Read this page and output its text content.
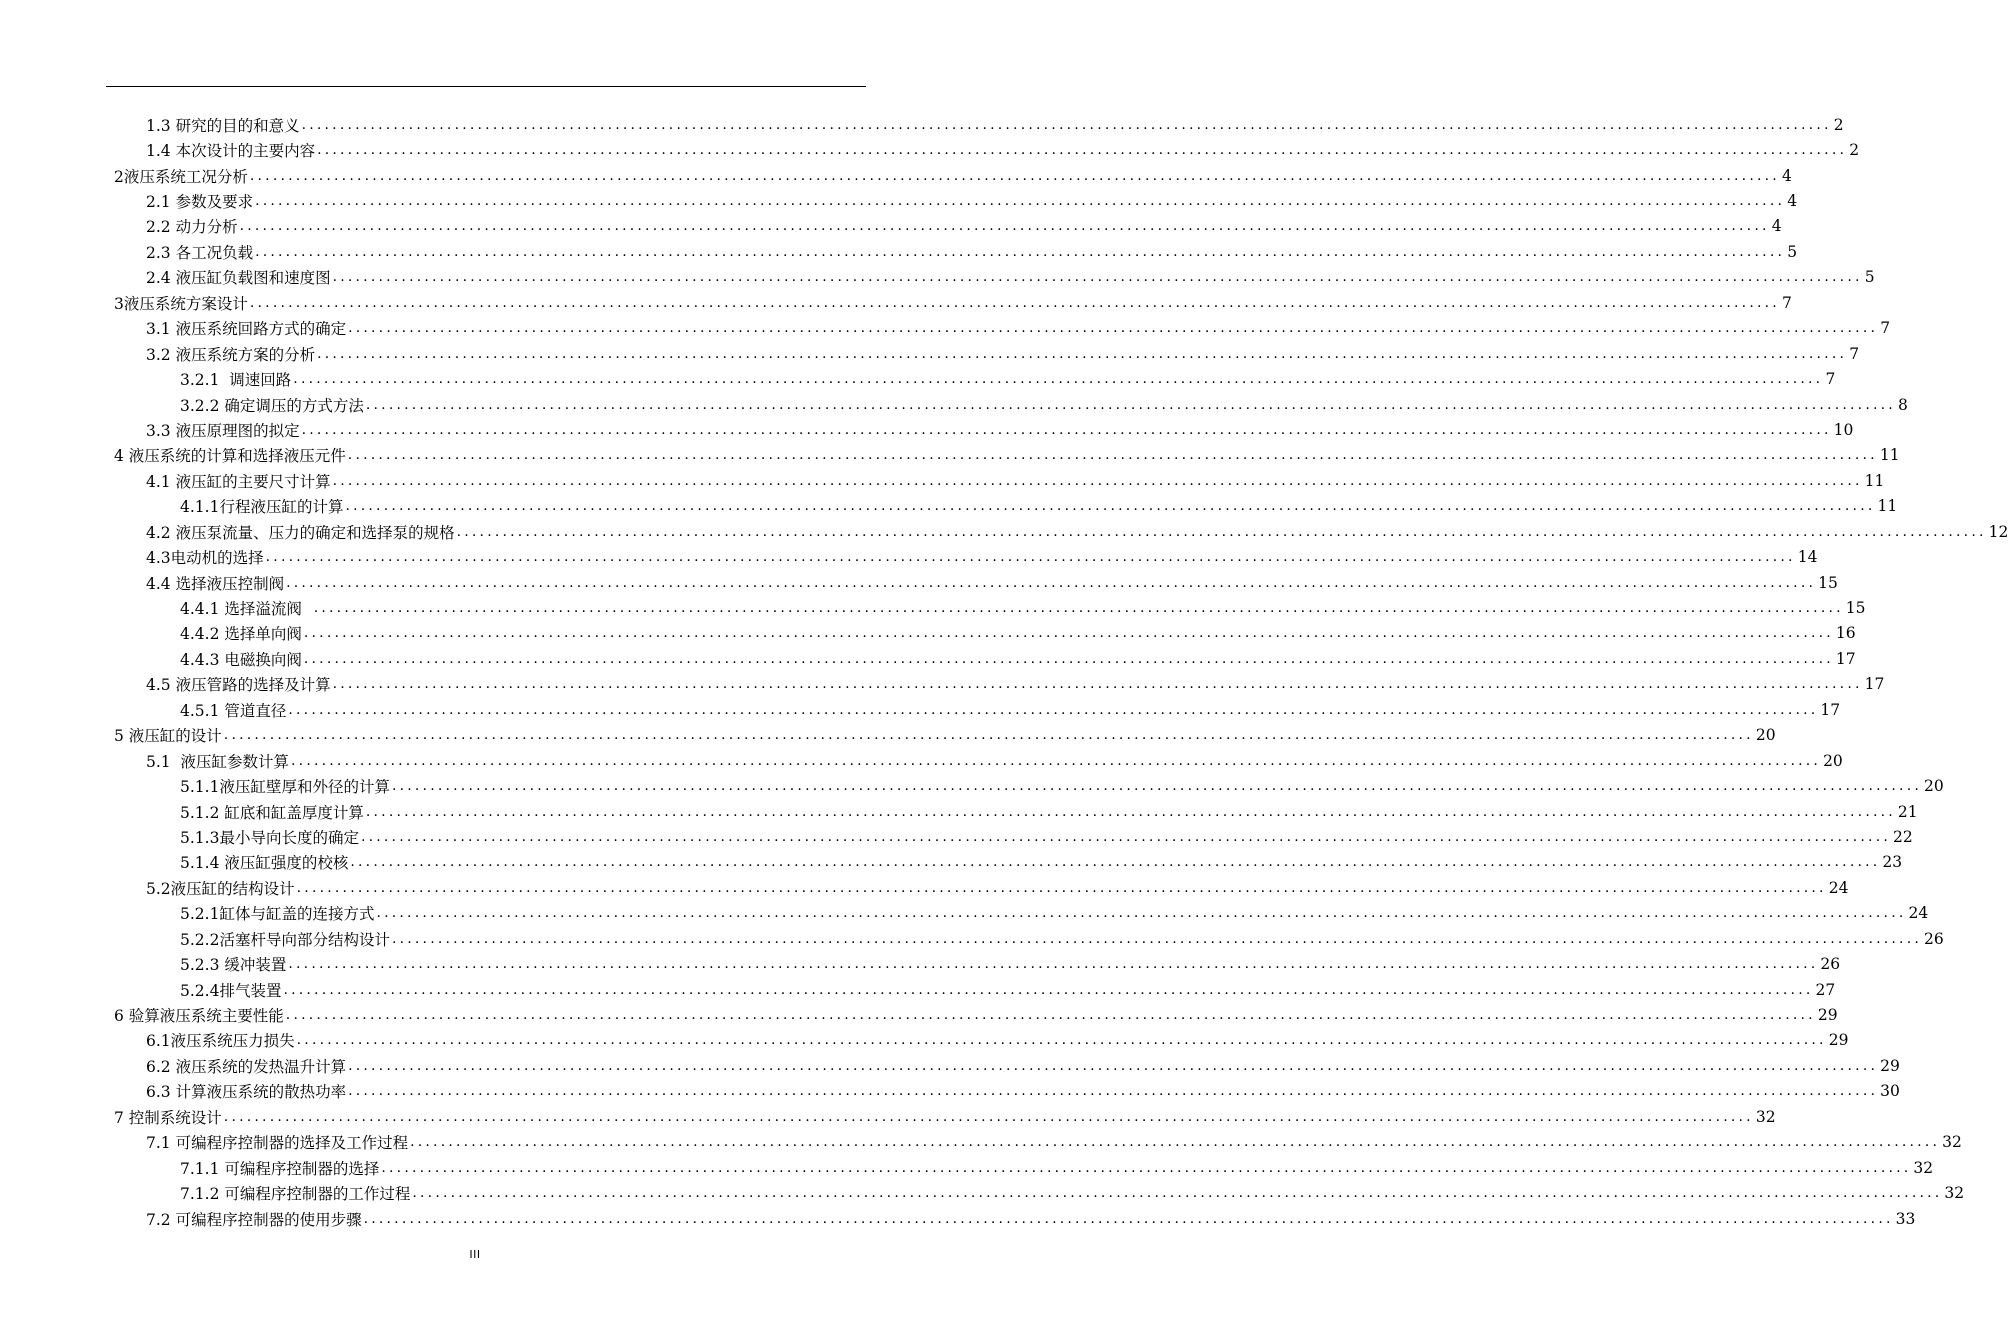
1.3 研究的目的和意义 ........................................................................................................................................................................................................ 2
1.4 本次设计的主要内容 ........................................................................................................................................................................................................ 2
2液压系统工况分析 ........................................................................................................................................................................................................ 4
2.1 参数及要求 ........................................................................................................................................................................................................ 4
2.2 动力分析 ........................................................................................................................................................................................................ 4
2.3 各工况负载 ........................................................................................................................................................................................................ 5
2.4 液压缸负载图和速度图 ........................................................................................................................................................................................................ 5
3液压系统方案设计 ........................................................................................................................................................................................................ 7
3.1 液压系统回路方式的确定 ........................................................................................................................................................................................................ 7
3.2 液压系统方案的分析 ........................................................................................................................................................................................................ 7
3.2.1  调速回路 ........................................................................................................................................................................................................ 7
3.2.2 确定调压的方式方法 ........................................................................................................................................................................................................ 8
3.3 液压原理图的拟定 ........................................................................................................................................................................................................ 10
4 液压系统的计算和选择液压元件 ........................................................................................................................................................................................................ 11
4.1 液压缸的主要尺寸计算 ........................................................................................................................................................................................................ 11
4.1.1行程液压缸的计算 ........................................................................................................................................................................................................ 11
4.2 液压泵流量、压力的确定和选择泵的规格 ........................................................................................................................................................................................................ 12
4.3电动机的选择 ........................................................................................................................................................................................................ 14
4.4 选择液压控制阀 ........................................................................................................................................................................................................ 15
4.4.1 选择溢流阀 ........................................................................................................................................................................................................ 15
4.4.2 选择单向阀 ........................................................................................................................................................................................................ 16
4.4.3 电磁换向阀 ........................................................................................................................................................................................................ 17
4.5 液压管路的选择及计算 ........................................................................................................................................................................................................ 17
4.5.1 管道直径 ........................................................................................................................................................................................................ 17
5 液压缸的设计 ........................................................................................................................................................................................................ 20
5.1  液压缸参数计算 ........................................................................................................................................................................................................ 20
5.1.1液压缸壁厚和外径的计算 ........................................................................................................................................................................................................ 20
5.1.2 缸底和缸盖厚度计算 ........................................................................................................................................................................................................ 21
5.1.3最小导向长度的确定 ........................................................................................................................................................................................................ 22
5.1.4 液压缸强度的校核 ........................................................................................................................................................................................................ 23
5.2液压缸的结构设计 ........................................................................................................................................................................................................ 24
5.2.1缸体与缸盖的连接方式 ........................................................................................................................................................................................................ 24
5.2.2活塞杆导向部分结构设计 ........................................................................................................................................................................................................ 26
5.2.3 缓冲装置 ........................................................................................................................................................................................................ 26
5.2.4排气装置 ........................................................................................................................................................................................................ 27
6 验算液压系统主要性能 ........................................................................................................................................................................................................ 29
6.1液压系统压力损失 ........................................................................................................................................................................................................ 29
6.2 液压系统的发热温升计算 ........................................................................................................................................................................................................ 29
6.3 计算液压系统的散热功率 ........................................................................................................................................................................................................ 30
7 控制系统设计 ........................................................................................................................................................................................................ 32
7.1 可编程序控制器的选择及工作过程 ........................................................................................................................................................................................................ 32
7.1.1 可编程序控制器的选择 ........................................................................................................................................................................................................ 32
7.1.2 可编程序控制器的工作过程 ........................................................................................................................................................................................................ 32
7.2 可编程序控制器的使用步骤 ........................................................................................................................................................................................................ 33
III
